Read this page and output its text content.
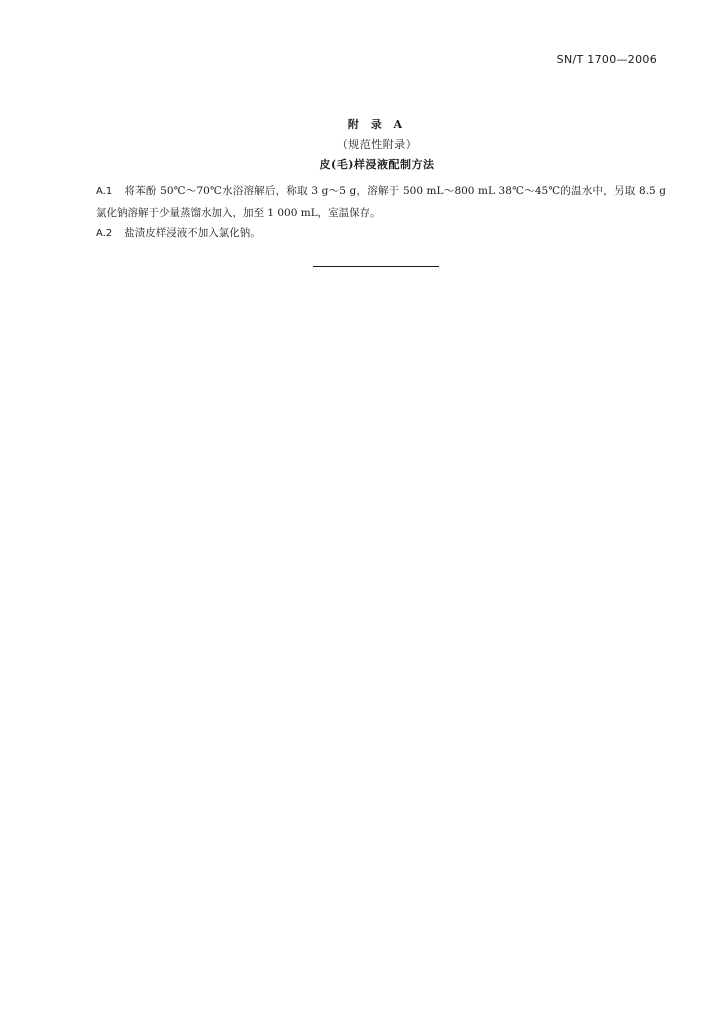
SN/T 1700—2006
附 录 A
（规范性附录）
皮(毛)样浸液配制方法

A.1 将苯酚 50℃～70℃水浴溶解后，称取 3 g～5 g，溶解于 500 mL～800 mL 38℃～45℃的温水中，另取 8.5 g 氯化钠溶解于少量蒸馏水加入，加至 1 000 mL，室温保存。

A.2 盐渍皮样浸液不加入氯化钠。
